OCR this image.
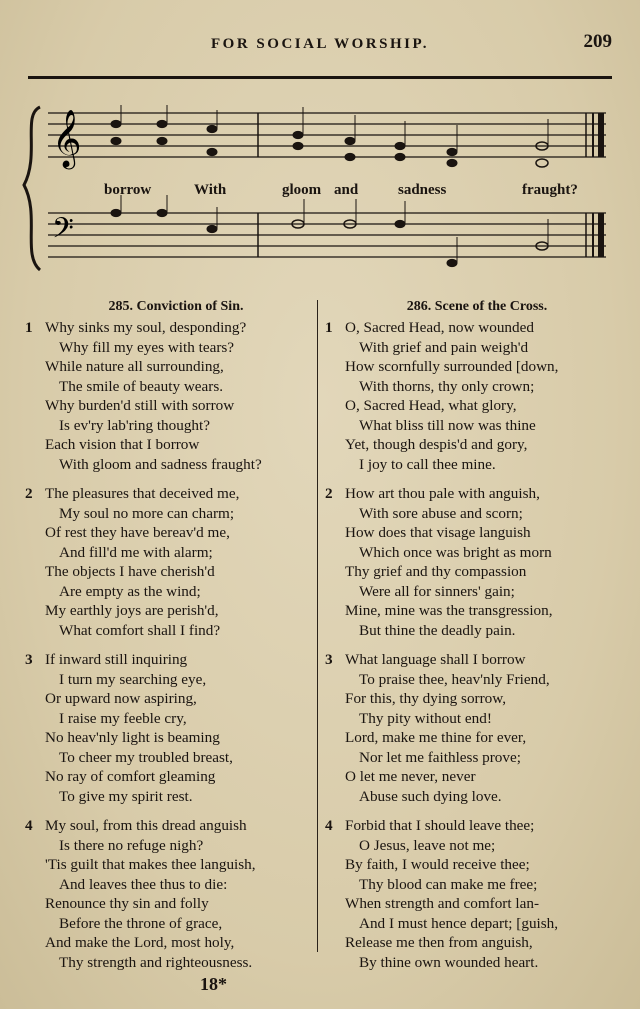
FOR SOCIAL WORSHIP.	209
𝄞
𝄢
borrow	With	gloom and	sadness	fraught?
285. Conviction of Sin.
1 Why sinks my soul, desponding?
Why fill my eyes with tears?
While nature all surrounding,
The smile of beauty wears.
Why burden'd still with sorrow
Is ev'ry lab'ring thought?
Each vision that I borrow
With gloom and sadness fraught?
2 The pleasures that deceived me,
My soul no more can charm;
Of rest they have bereav'd me,
And fill'd me with alarm;
The objects I have cherish'd
Are empty as the wind;
My earthly joys are perish'd,
What comfort shall I find?
3 If inward still inquiring
I turn my searching eye,
Or upward now aspiring,
I raise my feeble cry,
No heav'nly light is beaming
To cheer my troubled breast,
No ray of comfort gleaming
To give my spirit rest.
4 My soul, from this dread anguish
Is there no refuge nigh?
'Tis guilt that makes thee languish,
And leaves thee thus to die:
Renounce thy sin and folly
Before the throne of grace,
And make the Lord, most holy,
Thy strength and righteousness.
286. Scene of the Cross.
1 O, Sacred Head, now wounded
With grief and pain weigh'd
How scornfully surrounded [down,
With thorns, thy only crown;
O, Sacred Head, what glory,
What bliss till now was thine
Yet, though despis'd and gory,
I joy to call thee mine.
2 How art thou pale with anguish,
With sore abuse and scorn;
How does that visage languish
Which once was bright as morn
Thy grief and thy compassion
Were all for sinners' gain;
Mine, mine was the transgression,
But thine the deadly pain.
3 What language shall I borrow
To praise thee, heav'nly Friend,
For this, thy dying sorrow,
Thy pity without end!
Lord, make me thine for ever,
Nor let me faithless prove;
O let me never, never
Abuse such dying love.
4 Forbid that I should leave thee;
O Jesus, leave not me;
By faith, I would receive thee;
Thy blood can make me free;
When strength and comfort lan-
And I must hence depart; [guish,
Release me then from anguish,
By thine own wounded heart.
18*
